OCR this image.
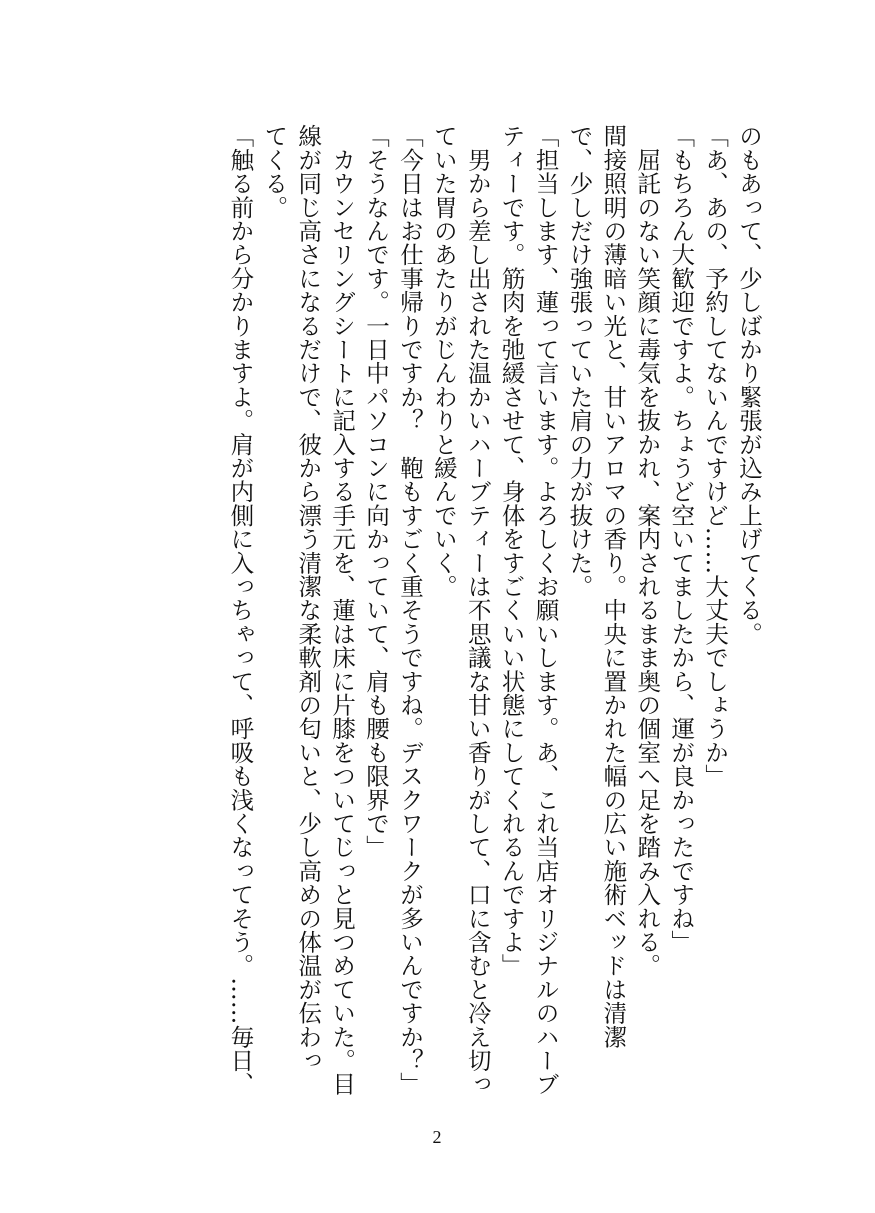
のもあって、少しばかり緊張が込み上げてくる。
「あ、あの、予約してないんですけど……大丈夫でしょうか」
「もちろん大歓迎ですよ。ちょうど空いてましたから、運が良かったですね」
　屈託のない笑顔に毒気を抜かれ、案内されるまま奥の個室へ足を踏み入れる。
間接照明の薄暗い光と、甘いアロマの香り。中央に置かれた幅の広い施術ベッドは清潔
で、少しだけ強張っていた肩の力が抜けた。
「担当します、蓮って言います。よろしくお願いします。あ、これ当店オリジナルのハーブ
ティーです。筋肉を弛緩させて、身体をすごくいい状態にしてくれるんですよ」
　男から差し出された温かいハーブティーは不思議な甘い香りがして、口に含むと冷え切っ
ていた胃のあたりがじんわりと緩んでいく。
「今日はお仕事帰りですか？　鞄もすごく重そうですね。デスクワークが多いんですか？」
「そうなんです。一日中パソコンに向かっていて、肩も腰も限界で」
　カウンセリングシートに記入する手元を、蓮は床に片膝をついてじっと見つめていた。目
線が同じ高さになるだけで、彼から漂う清潔な柔軟剤の匂いと、少し高めの体温が伝わっ
てくる。
「触る前から分かりますよ。肩が内側に入っちゃって、呼吸も浅くなってそう。……毎日、
2
